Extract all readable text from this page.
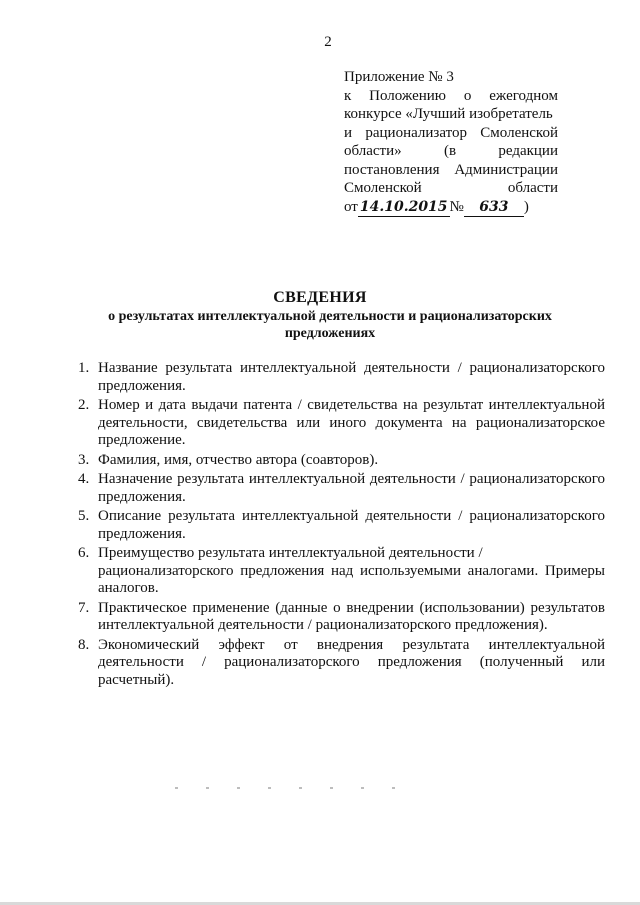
2
Приложение № 3
к Положению о ежегодном
конкурсе «Лучший изобретатель
и рационализатор Смоленской
области»	(в	редакции
постановления Администрации
Смоленской	области
от 14.10.2015 № 633 )
СВЕДЕНИЯ
о результатах интеллектуальной деятельности и рационализаторских предложениях
1. Название результата интеллектуальной деятельности / рационализаторского предложения.
2. Номер и дата выдачи патента / свидетельства на результат интеллектуальной деятельности, свидетельства или иного документа на рационализаторское предложение.
3. Фамилия, имя, отчество автора (соавторов).
4. Назначение результата интеллектуальной деятельности / рационализаторского предложения.
5. Описание результата интеллектуальной деятельности / рационализаторского предложения.
6. Преимущество результата интеллектуальной деятельности /
рационализаторского предложения над используемыми аналогами. Примеры аналогов.
7. Практическое применение (данные о внедрении (использовании) результатов интеллектуальной деятельности / рационализаторского предложения).
8. Экономический эффект от внедрения результата интеллектуальной деятельности / рационализаторского предложения (полученный или расчетный).
